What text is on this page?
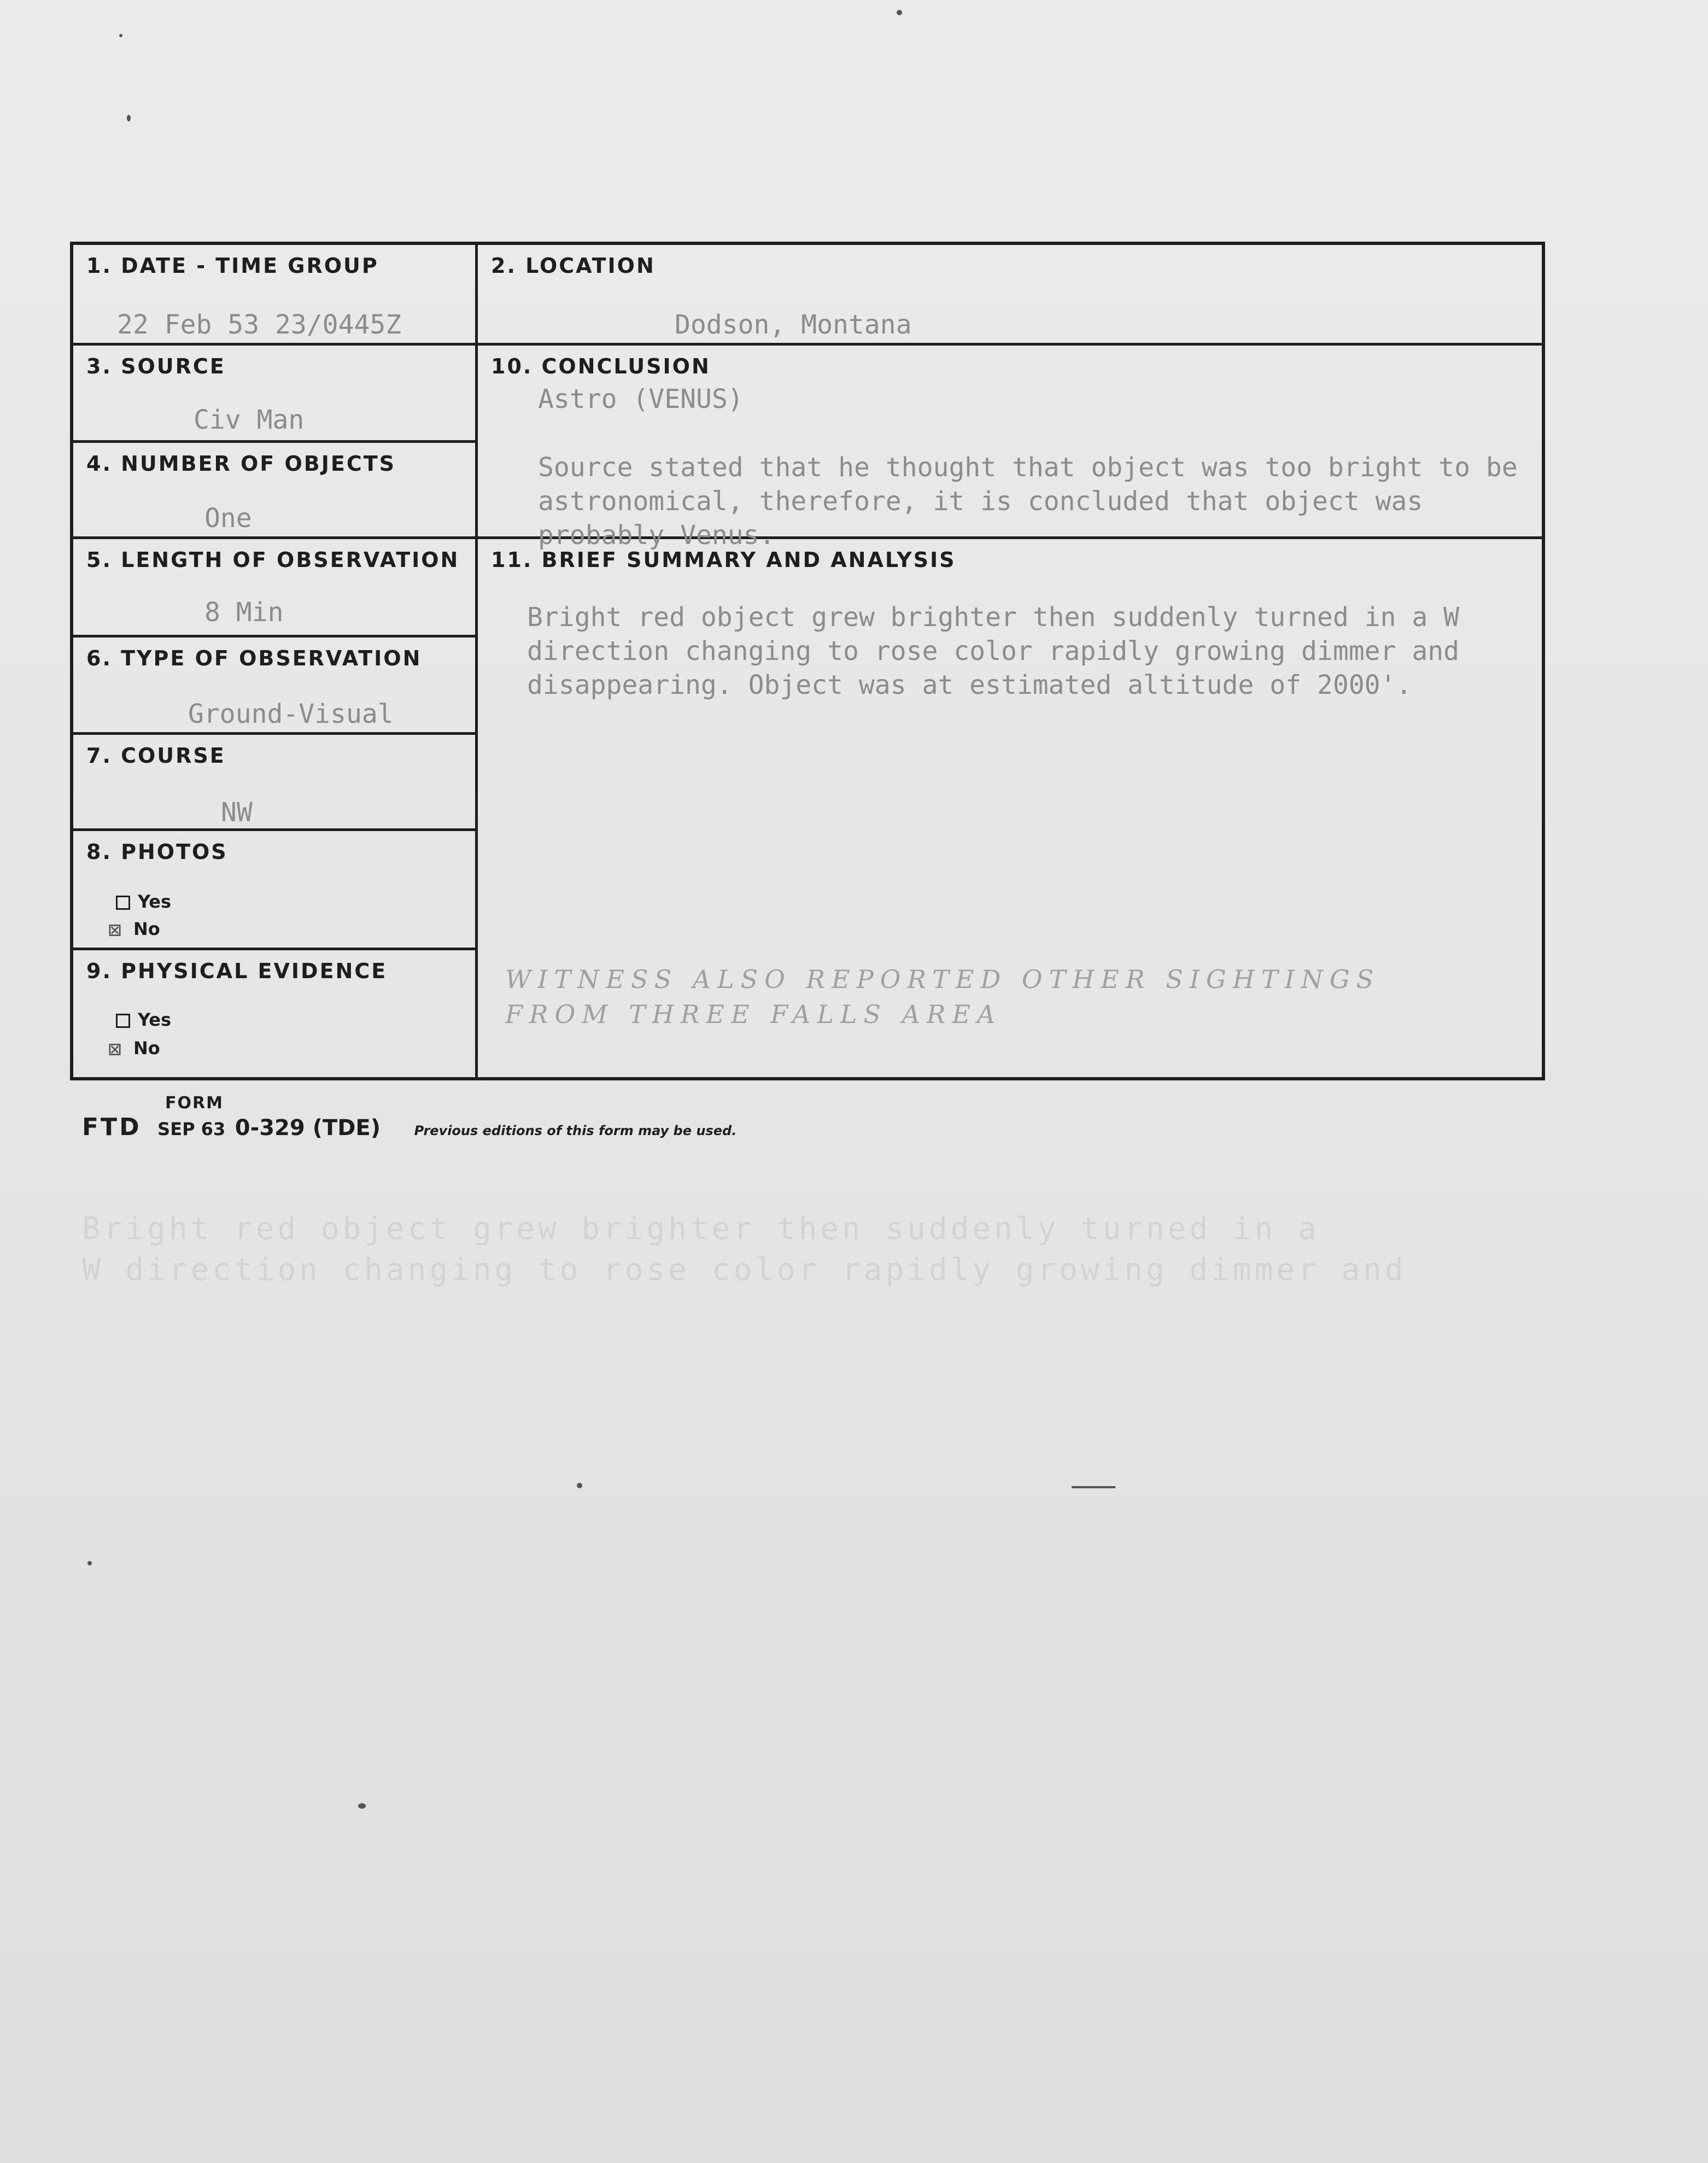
Bright red object grew brighter then suddenly turned in a
W direction changing to rose color rapidly growing dimmer and
1. DATE - TIME GROUP
22 Feb 53 23/0445Z
2. LOCATION
Dodson, Montana
3. SOURCE
Civ Man
4. NUMBER OF OBJECTS
One
5. LENGTH OF OBSERVATION
8 Min
6. TYPE OF OBSERVATION
Ground-Visual
7. COURSE
NW
8. PHOTOS
Yes
⊠ No
9. PHYSICAL EVIDENCE
Yes
⊠ No
10. CONCLUSION
Astro (VENUS)
Source stated that he thought that object was too bright to be astronomical, therefore, it is concluded that object was probably Venus.
11. BRIEF SUMMARY AND ANALYSIS
Bright red object grew brighter then suddenly turned in a W direction changing to rose color rapidly growing dimmer and disappearing. Object was at estimated altitude of 2000'.
WITNESS ALSO REPORTED OTHER SIGHTINGS
FROM THREE FALLS AREA
FORM
FTD SEP 63 0-329 (TDE)	Previous editions of this form may be used.
